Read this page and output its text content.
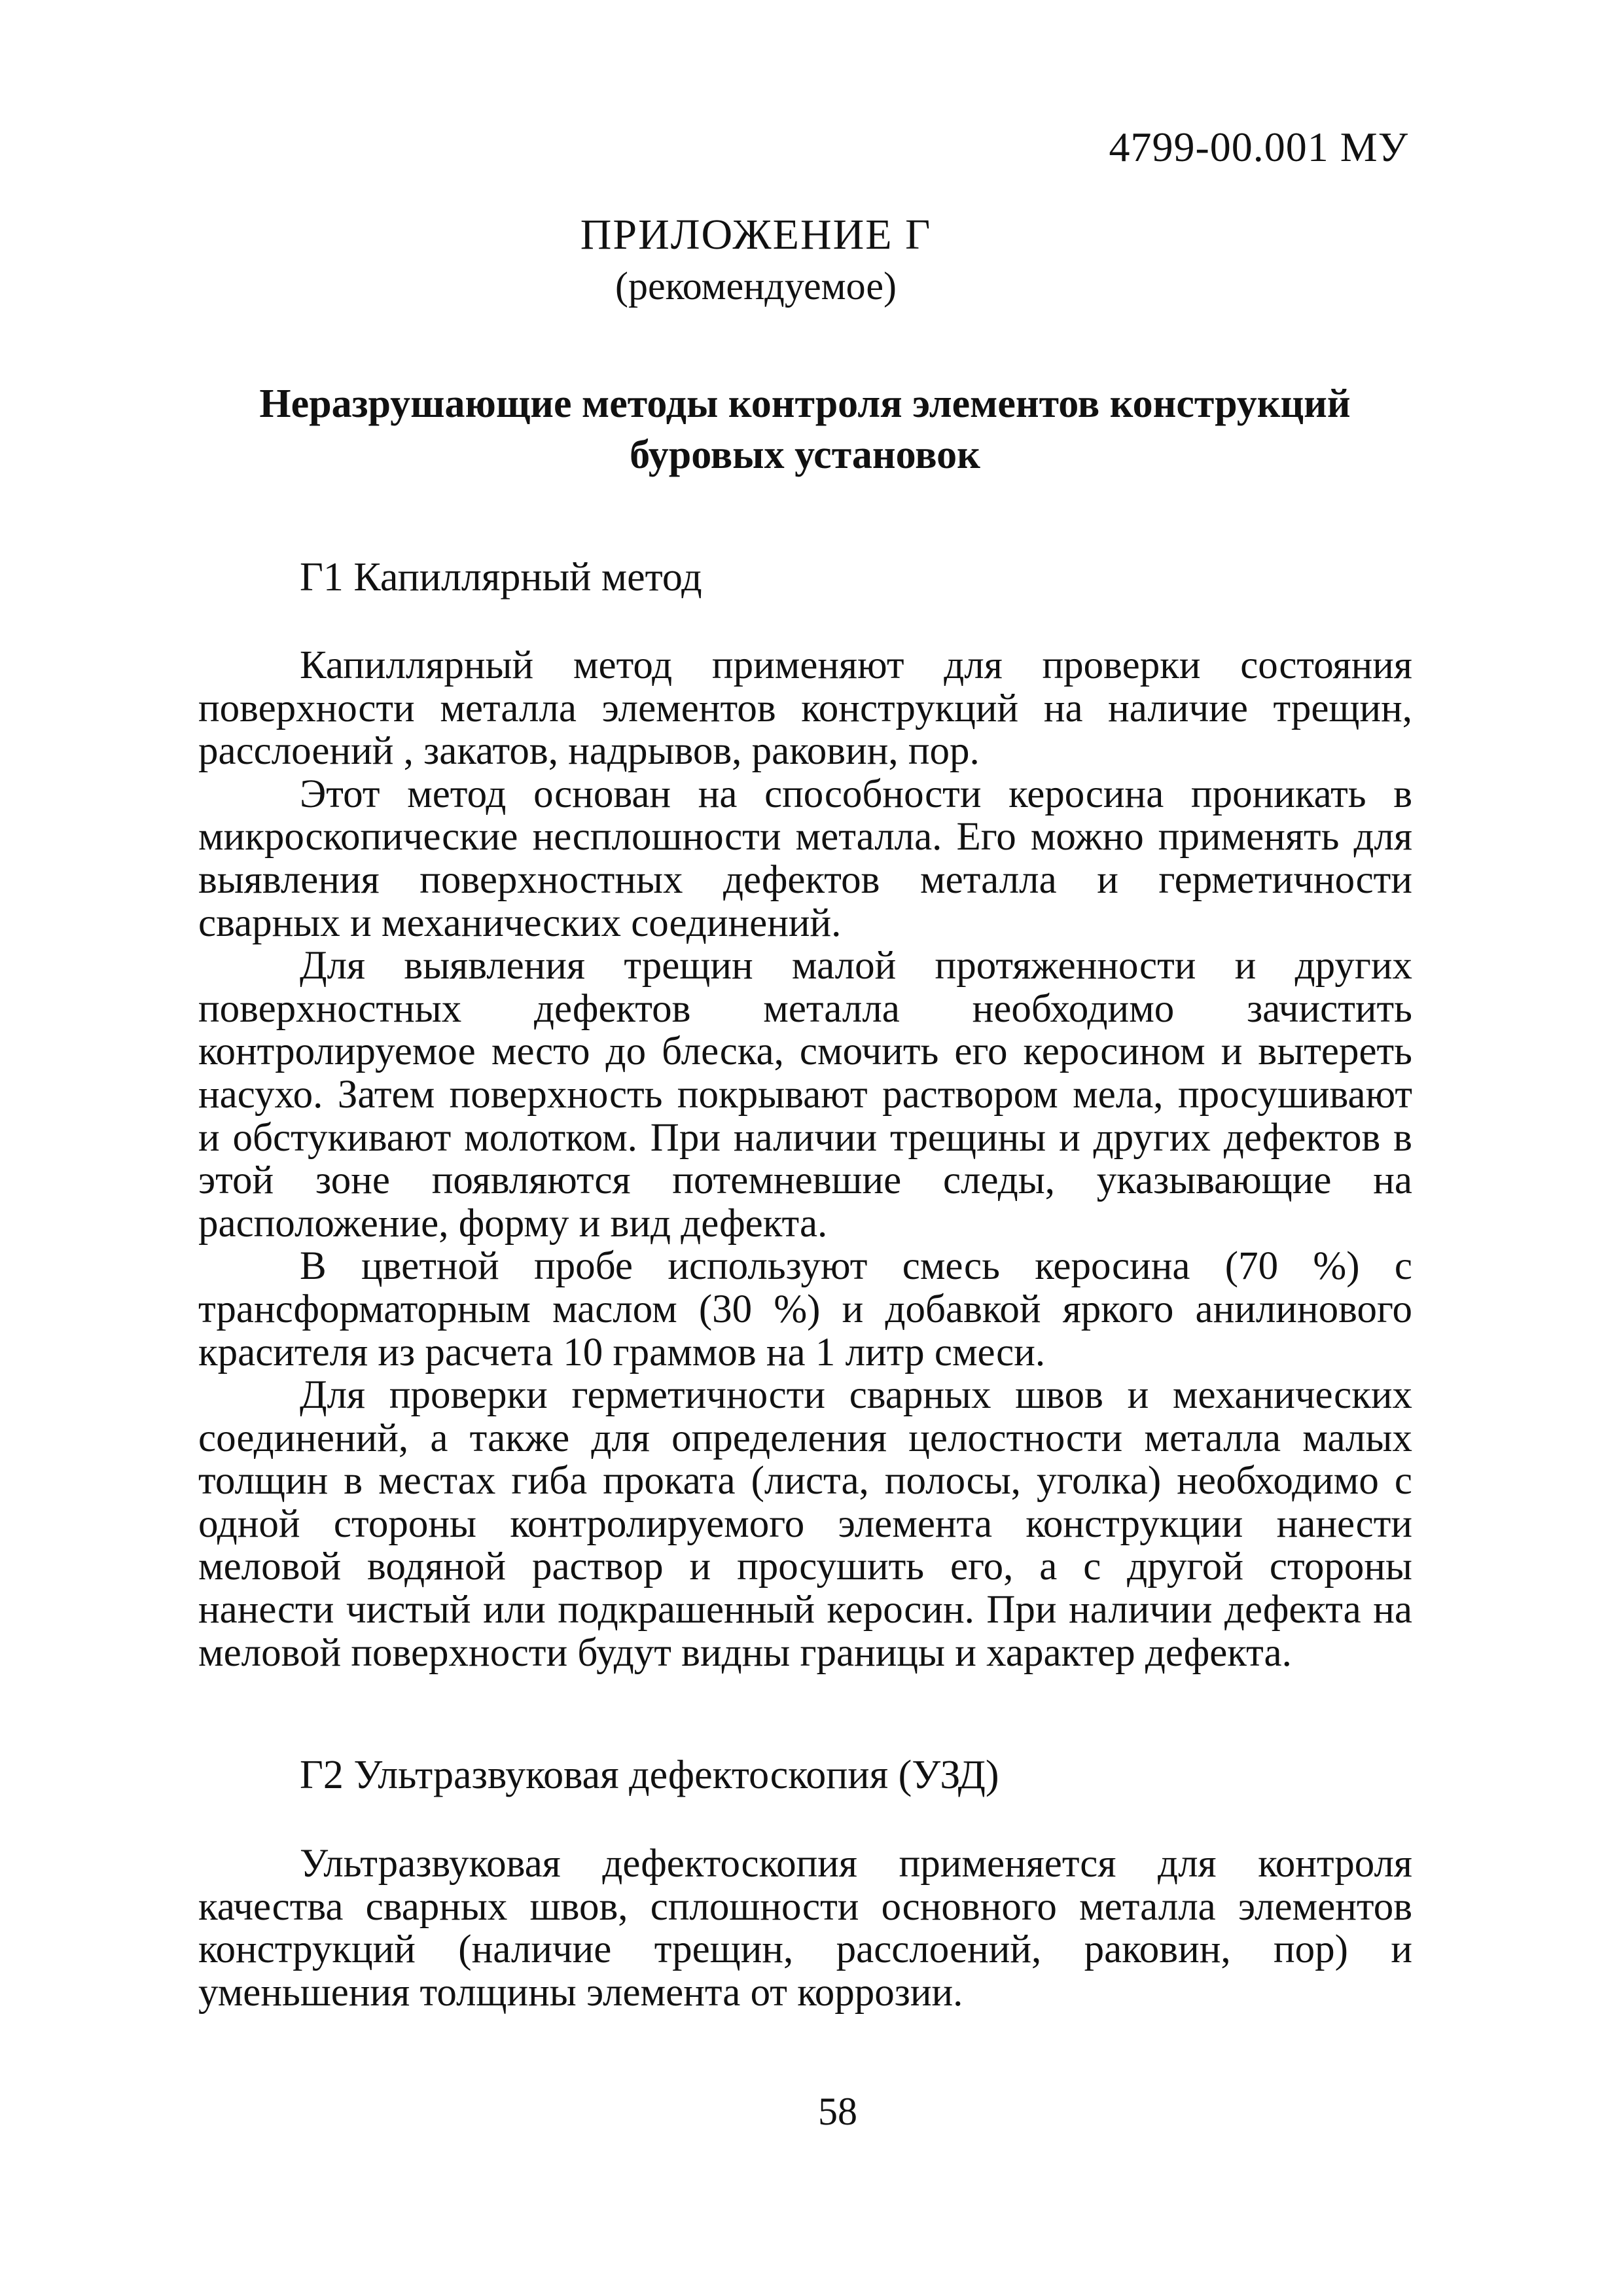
4799-00.001 МУ
ПРИЛОЖЕНИЕ Г
(рекомендуемое)
Неразрушающие методы контроля элементов конструкций
буровых установок
Г1 Капиллярный метод

Капиллярный метод применяют для проверки состояния поверхности металла элементов конструкций на наличие трещин, расслоений , закатов, надрывов, раковин, пор.

Этот метод основан на способности керосина проникать в микроскопические несплошности металла. Его можно применять для выявления поверхностных дефектов металла и герметичности сварных и механических соединений.

Для выявления трещин малой протяженности и других поверхностных дефектов металла необходимо зачистить контролируемое место до блеска, смочить его керосином и вытереть насухо. Затем поверхность покрывают раствором мела, просушивают и обстукивают молотком. При наличии трещины и других дефектов в этой зоне появляются потемневшие следы, указывающие на расположение, форму и вид дефекта.

В цветной пробе используют смесь керосина (70 %) с трансформаторным маслом (30 %) и добавкой яркого анилинового красителя из расчета 10 граммов на 1 литр смеси.

Для проверки герметичности сварных швов и механических соединений, а также для определения целостности металла малых толщин в местах гиба проката (листа, полосы, уголка) необходимо с одной стороны контролируемого элемента конструкции нанести меловой водяной раствор и просушить его, а с другой стороны нанести чистый или подкрашенный керосин. При наличии дефекта на меловой поверхности будут видны границы и характер дефекта.

Г2 Ультразвуковая дефектоскопия (УЗД)

Ультразвуковая дефектоскопия применяется для контроля качества сварных швов, сплошности основного металла элементов конструкций (наличие трещин, расслоений, раковин, пор) и уменьшения толщины элемента от коррозии.

58
